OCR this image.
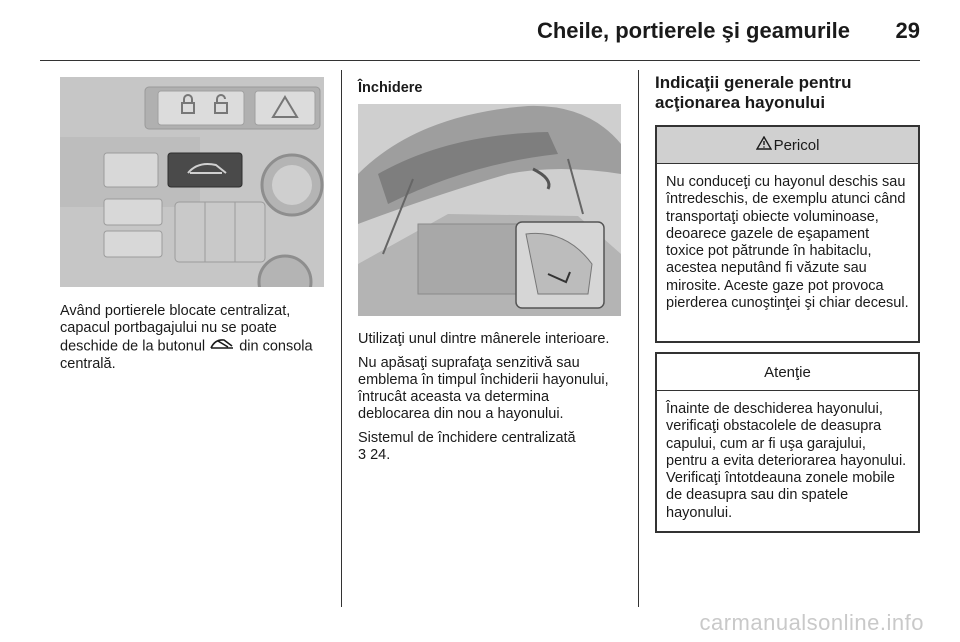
Cheile, portierele şi geamurile 29

Având portierele blocate centralizat, capacul portbagajului nu se poate deschide de la butonul din consola centrală.

Închidere

Utilizaţi unul dintre mânerele interioare.

Nu apăsaţi suprafaţa senzitivă sau emblema în timpul închiderii hayonului, întrucât aceasta va determina deblocarea din nou a hayonului.

Sistemul de închidere centralizată
3 24.

Indicaţii generale pentru acţionarea hayonului
Pericol
Nu conduceţi cu hayonul deschis sau întredeschis, de exemplu atunci când transportaţi obiecte voluminoase, deoarece gazele de eşapament toxice pot pătrunde în habitaclu, acestea neputând fi văzute sau mirosite. Aceste gaze pot provoca pierderea cunoştinţei şi chiar decesul.
Atenţie
Înainte de deschiderea hayonului, verificaţi obstacolele de deasupra capului, cum ar fi uşa garajului, pentru a evita deteriorarea hayonului. Verificaţi întotdeauna zonele mobile de deasupra sau din spatele hayonului.
carmanualsonline.info
